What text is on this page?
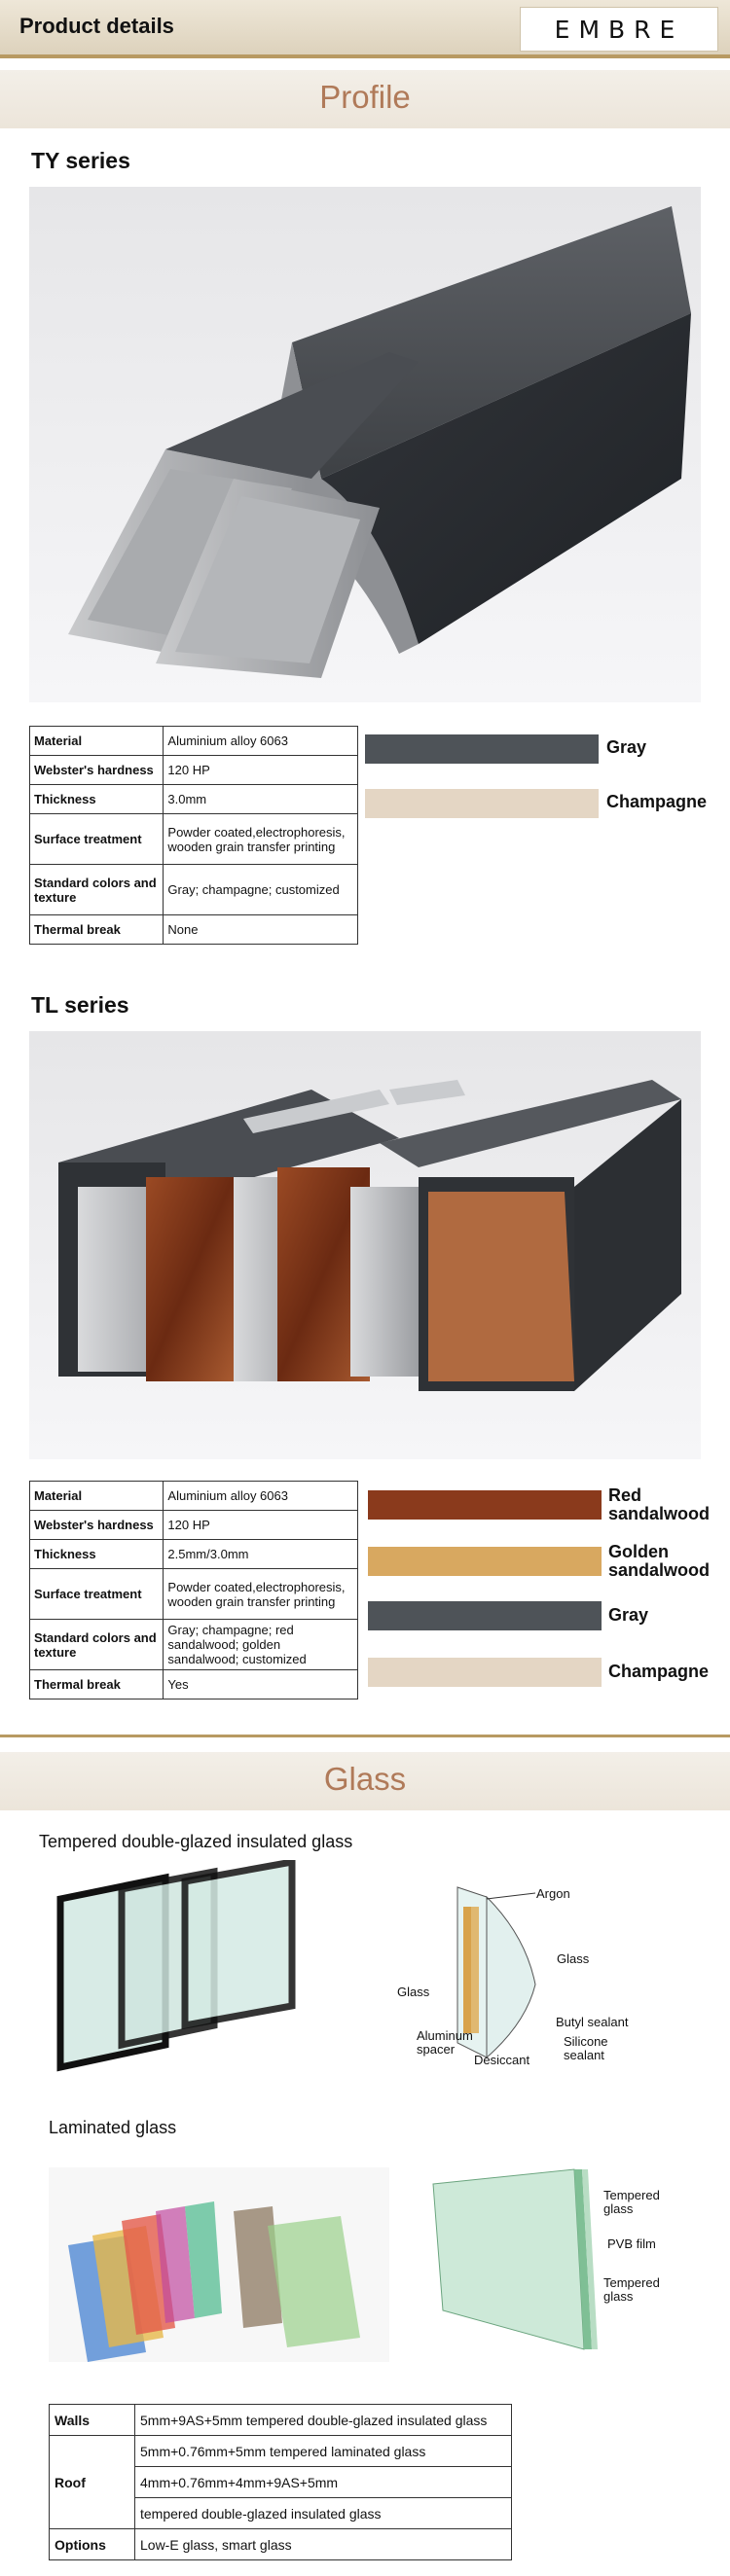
Product details	EMBRE
Profile
TY series
Material	Aluminium alloy 6063
Webster's hardness	120 HP
Thickness	3.0mm
Surface treatment	Powder coated,electrophoresis, wooden grain transfer printing
Standard colors and texture	Gray; champagne; customized
Thermal break	None
Gray
Champagne
TL series
Material	Aluminium alloy 6063
Webster's hardness	120 HP
Thickness	2.5mm/3.0mm
Surface treatment	Powder coated,electrophoresis, wooden grain transfer printing
Standard colors and texture	Gray; champagne; red sandalwood; golden sandalwood; customized
Thermal break	Yes
Red sandalwood
Golden sandalwood
Gray
Champagne
Glass
Tempered double-glazed insulated glass
Argon
Glass
Glass
Butyl sealant
Aluminum spacer
Desiccant
Silicone sealant
Laminated glass
Tempered glass
PVB film
Tempered glass
Walls	5mm+9AS+5mm tempered double-glazed insulated glass
Roof	5mm+0.76mm+5mm tempered laminated glass
	4mm+0.76mm+4mm+9AS+5mm
	tempered double-glazed insulated glass
Options	Low-E glass, smart glass
